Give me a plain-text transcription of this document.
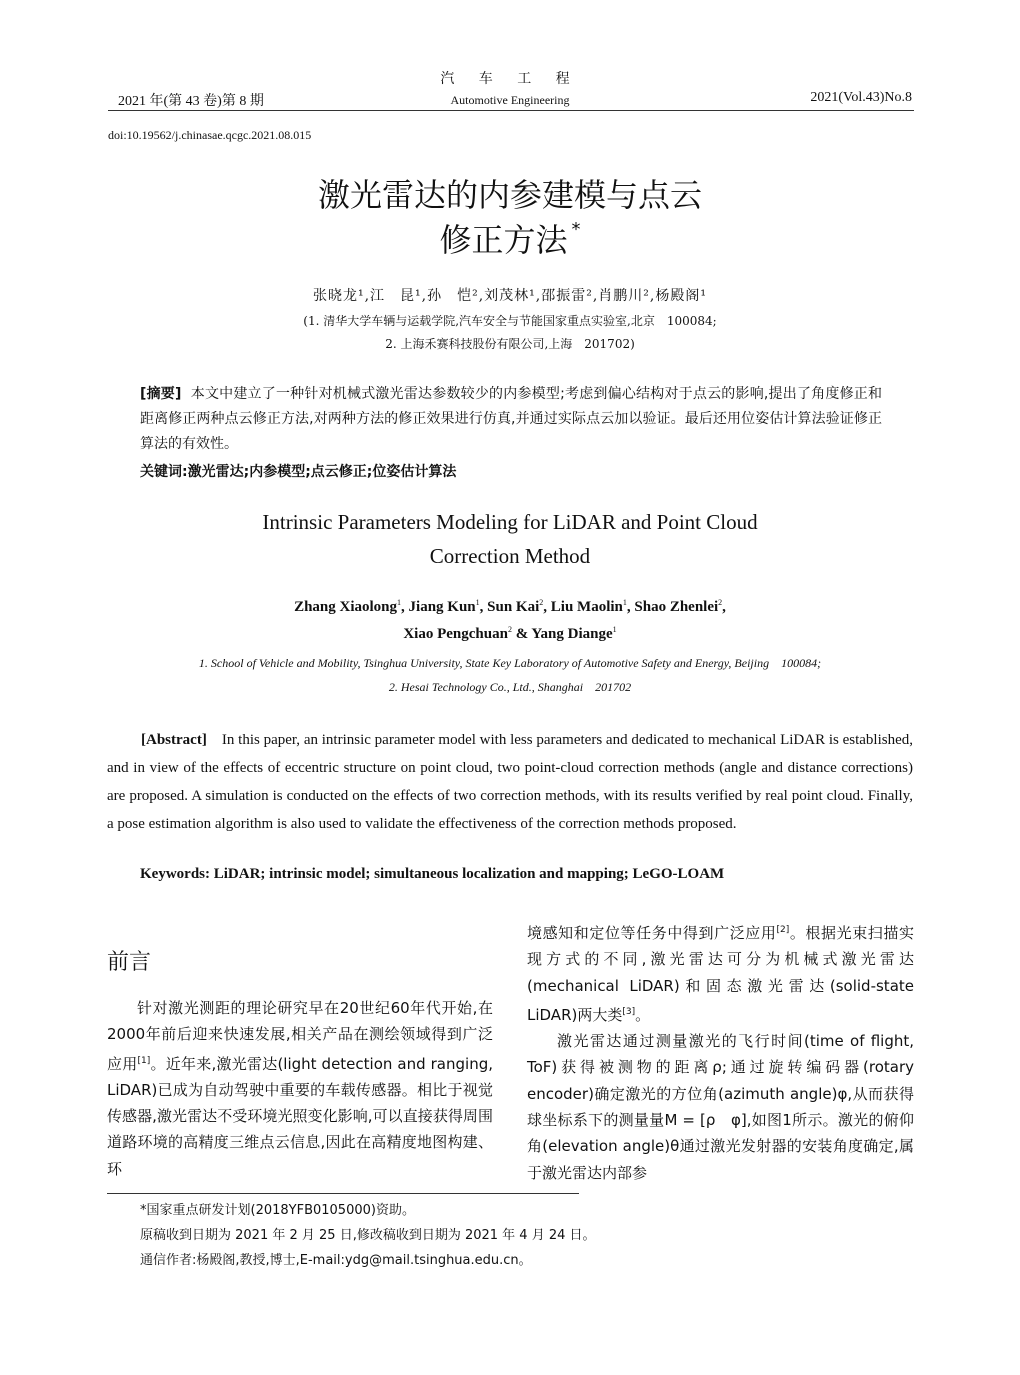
汽 车 工 程
2021 年(第 43 卷)第 8 期	Automotive Engineering	2021(Vol.43)No.8
doi:10.19562/j.chinasae.qcgc.2021.08.015
激光雷达的内参建模与点云
修正方法 *
张晓龙¹,江　昆¹,孙　恺²,刘茂林¹,邵振雷²,肖鹏川²,杨殿阁¹
(1. 清华大学车辆与运载学院,汽车安全与节能国家重点实验室,北京　100084;
2. 上海禾赛科技股份有限公司,上海　201702)
[摘要] 本文中建立了一种针对机械式激光雷达参数较少的内参模型;考虑到偏心结构对于点云的影响,提出了角度修正和距离修正两种点云修正方法,对两种方法的修正效果进行仿真,并通过实际点云加以验证。最后还用位姿估计算法验证修正算法的有效性。
关键词:激光雷达;内参模型;点云修正;位姿估计算法
Intrinsic Parameters Modeling for LiDAR and Point Cloud
Correction Method
Zhang Xiaolong$^1$, Jiang Kun$^1$, Sun Kai$^2$, Liu Maolin$^1$, Shao Zhenlei$^2$,
Xiao Pengchuan$^2$ & Yang Diange$^1$
1. School of Vehicle and Mobility, Tsinghua University, State Key Laboratory of Automotive Safety and Energy, Beijing　100084;
2. Hesai Technology Co., Ltd., Shanghai　201702
[Abstract] In this paper, an intrinsic parameter model with less parameters and dedicated to mechanical LiDAR is established, and in view of the effects of eccentric structure on point cloud, two point-cloud correction methods (angle and distance corrections) are proposed. A simulation is conducted on the effects of two correction methods, with its results verified by real point cloud. Finally, a pose estimation algorithm is also used to validate the effectiveness of the correction methods proposed.
Keywords: LiDAR; intrinsic model; simultaneous localization and mapping; LeGO-LOAM
前言
针对激光测距的理论研究早在20世纪60年代开始,在2000年前后迎来快速发展,相关产品在测绘领域得到广泛应用[1]。近年来,激光雷达(light detection and ranging, LiDAR)已成为自动驾驶中重要的车载传感器。相比于视觉传感器,激光雷达不受环境光照变化影响,可以直接获得周围道路环境的高精度三维点云信息,因此在高精度地图构建、环
境感知和定位等任务中得到广泛应用[2]。根据光束扫描实现方式的不同,激光雷达可分为机械式激光雷达(mechanical LiDAR)和固态激光雷达(solid-state LiDAR)两大类[3]。
激光雷达通过测量激光的飞行时间(time of flight, ToF)获得被测物的距离ρ;通过旋转编码器(rotary encoder)确定激光的方位角(azimuth angle)φ,从而获得球坐标系下的测量量M = [ρ　φ],如图1所示。激光的俯仰角(elevation angle)θ通过激光发射器的安装角度确定,属于激光雷达内部参
*国家重点研发计划(2018YFB0105000)资助。
原稿收到日期为 2021 年 2 月 25 日,修改稿收到日期为 2021 年 4 月 24 日。
通信作者:杨殿阁,教授,博士,E-mail:ydg@mail.tsinghua.edu.cn。
